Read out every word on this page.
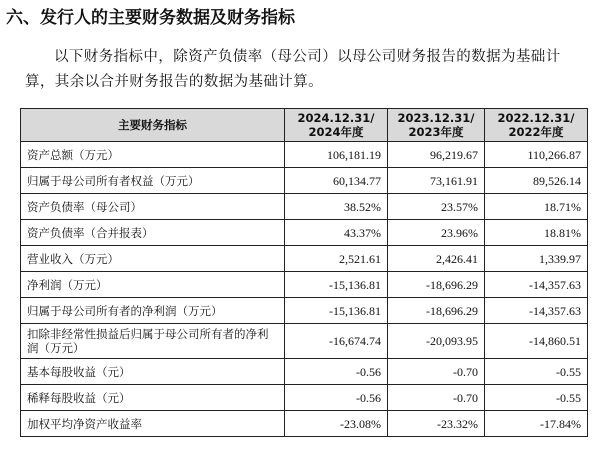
六、发行人的主要财务数据及财务指标
以下财务指标中，除资产负债率（母公司）以母公司财务报告的数据为基础计算，其余以合并财务报告的数据为基础计算。
主要财务指标	2024.12.31/ 2024年度	2023.12.31/ 2023年度	2022.12.31/ 2022年度
资产总额（万元）	106,181.19	96,219.67	110,266.87
归属于母公司所有者权益（万元）	60,134.77	73,161.91	89,526.14
资产负债率（母公司）	38.52%	23.57%	18.71%
资产负债率（合并报表）	43.37%	23.96%	18.81%
营业收入（万元）	2,521.61	2,426.41	1,339.97
净利润（万元）	-15,136.81	-18,696.29	-14,357.63
归属于母公司所有者的净利润（万元）	-15,136.81	-18,696.29	-14,357.63
扣除非经常性损益后归属于母公司所有者的净利润（万元）	-16,674.74	-20,093.95	-14,860.51
基本每股收益（元）	-0.56	-0.70	-0.55
稀释每股收益（元）	-0.56	-0.70	-0.55
加权平均净资产收益率	-23.08%	-23.32%	-17.84%
